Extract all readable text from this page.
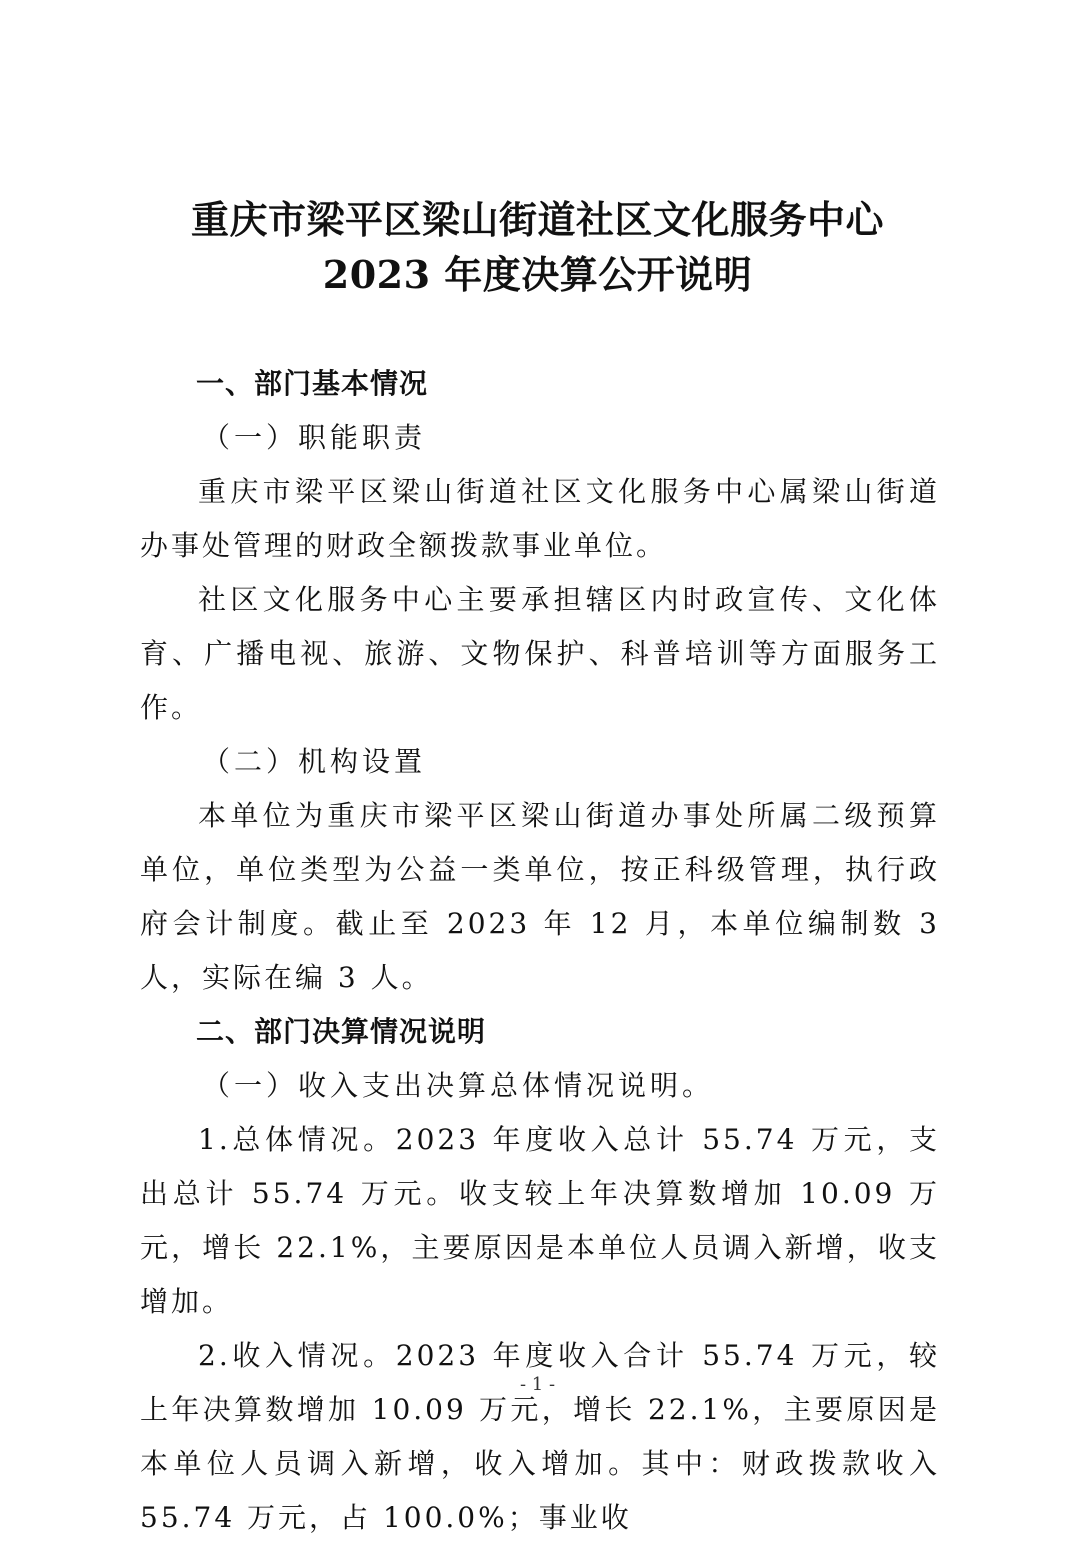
重庆市梁平区梁山街道社区文化服务中心
2023 年度决算公开说明

一、部门基本情况

（一）职能职责

重庆市梁平区梁山街道社区文化服务中心属梁山街道办事处管理的财政全额拨款事业单位。

社区文化服务中心主要承担辖区内时政宣传、文化体育、广播电视、旅游、文物保护、科普培训等方面服务工作。

（二）机构设置

本单位为重庆市梁平区梁山街道办事处所属二级预算单位，单位类型为公益一类单位，按正科级管理，执行政府会计制度。截止至 2023 年 12 月，本单位编制数 3 人，实际在编 3 人。

二、部门决算情况说明

（一）收入支出决算总体情况说明。

1.总体情况。2023 年度收入总计 55.74 万元，支出总计 55.74 万元。收支较上年决算数增加 10.09 万元，增长 22.1%，主要原因是本单位人员调入新增，收支增加。

2.收入情况。2023 年度收入合计 55.74 万元，较上年决算数增加 10.09 万元，增长 22.1%，主要原因是本单位人员调入新增，收入增加。其中：财政拨款收入 55.74 万元，占 100.0%；事业收

- 1 -
